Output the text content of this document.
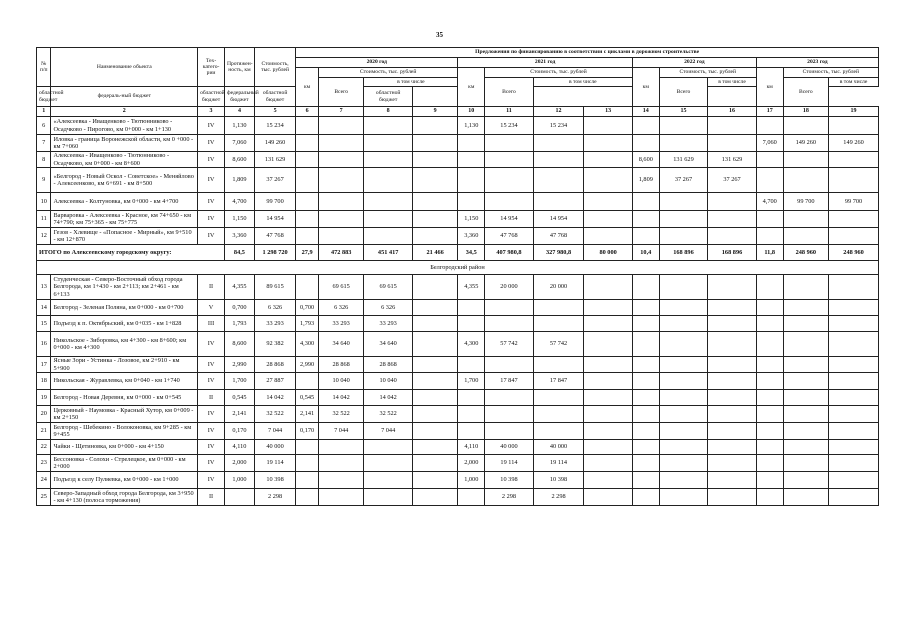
35
№ п/п	Наименование объекта	Тех-катего-рии	Протяжен-ность, км	Стоимость, тыс. рублей	Предложения по финансированию в соответствии с циклами в дорожном строительстве													
					2020 год				2021 год				2022 год			2023 год		
					км	Стоимость, тыс. рублей			км	Стоимость, тыс. рублей			км	Стоимость, тыс. рублей		км	Стоимость, тыс. рублей	
						Всего	в том числе			Всего	в том числе			Всего	в том числе		Всего	в том числе
областной бюджет	федераль-ный бюджет	областной бюджет	федеральный бюджет	областной бюджет			областной бюджет											
1	2	3	4	5	6	7	8	9	10	11	12	13	14	15	16	17	18	19
6	«Алексеевка - Иващенково - Тютюнниково - Осадчково - Пирогово, км 0+000 - км 1+130	IV	1,130	15 234					1,130	15 234	15 234							
7	Иловка - граница Воронежской области, км 0 +000 - км 7+060	IV	7,060	149 260												7,060	149 260	149 260
8	Алексеевка - Иващенково - Тютюнниково - Осадчково, км 0+000 - км 8+600	IV	8,600	131 629									8,600	131 629	131 629			
9	«Белгород - Новый Оскол - Советское» - Меняйлово - Алексеенково, км 6+691 - км 8+500	IV	1,809	37 267									1,809	37 267	37 267			
10	Алексеевка - Колтуновка, км 0+000 - км 4+700	IV	4,700	99 700												4,700	99 700	99 700
11	Варваровка - Алексеевка - Красное, км 74+650 - км 74+790; км 75+365 - км 75+775	IV	1,150	14 954					1,150	14 954	14 954							
12	Гезов - Хлевище - «Попасное - Мирный», км 9+510 - км 12+870	IV	3,360	47 768					3,360	47 768	47 768							
ИТОГО по Алексеевскому городскому округу:			84,5	1 298 720	27,9	472 883	451 417	21 466	34,5	407 980,8	327 980,8	80 000	10,4	168 896	168 896	11,8	248 960	248 960
Белгородский район																		
13	Студенческая - Северо-Восточный обход города Белгорода, км 1+430 - км 2+113; км 2+461 - км 6+133	II	4,355	89 615		69 615	69 615		4,355	20 000	20 000							
14	Белгород - Зеленая Поляна, км 0+000 - км 0+700	V	0,700	6 326	0,700	6 326	6 326											
15	Подъезд к п. Октябрьский, км 0+035 - км 1+828	III	1,793	33 293	1,793	33 293	33 293											
16	Никольское - Зиборовка, км 4+300 - км 8+600; км 0+000 - км 4+300	IV	8,600	92 382	4,300	34 640	34 640		4,300	57 742	57 742							
17	Ясные Зори - Устинка - Лозовое, км 2+910 - км 5+900	IV	2,990	28 868	2,990	28 868	28 868											
18	Никольская - Журавлевка, км 0+040 - км 1+740	IV	1,700	27 887		10 040	10 040		1,700	17 847	17 847							
19	Белгород - Новая Деревня, км 0+000 - км 0+545	II	0,545	14 042	0,545	14 042	14 042											
20	Церковный - Наумовка - Красный Хутор, км 0+009 - км 2+150	IV	2,141	32 522	2,141	32 522	32 522											
21	Белгород - Шебекино - Волоконовка, км 9+285 - км 9+455	IV	0,170	7 044	0,170	7 044	7 044											
22	Чайки - Щетиновка, км 0+000 - км 4+150	IV	4,110	40 000					4,110	40 000	40 000							
23	Бессоновка - Солохи - Стрелецкое, км 0+000 - км 2+000	IV	2,000	19 114					2,000	19 114	19 114							
24	Подъезд к селу Пуляевка, км 0+000 - км 1+000	IV	1,000	10 398					1,000	10 398	10 398							
25	Северо-Западный обход города Белгорода, км 3+950 - км 4+130 (полоса торможения)	II		2 298						2 298	2 298							
